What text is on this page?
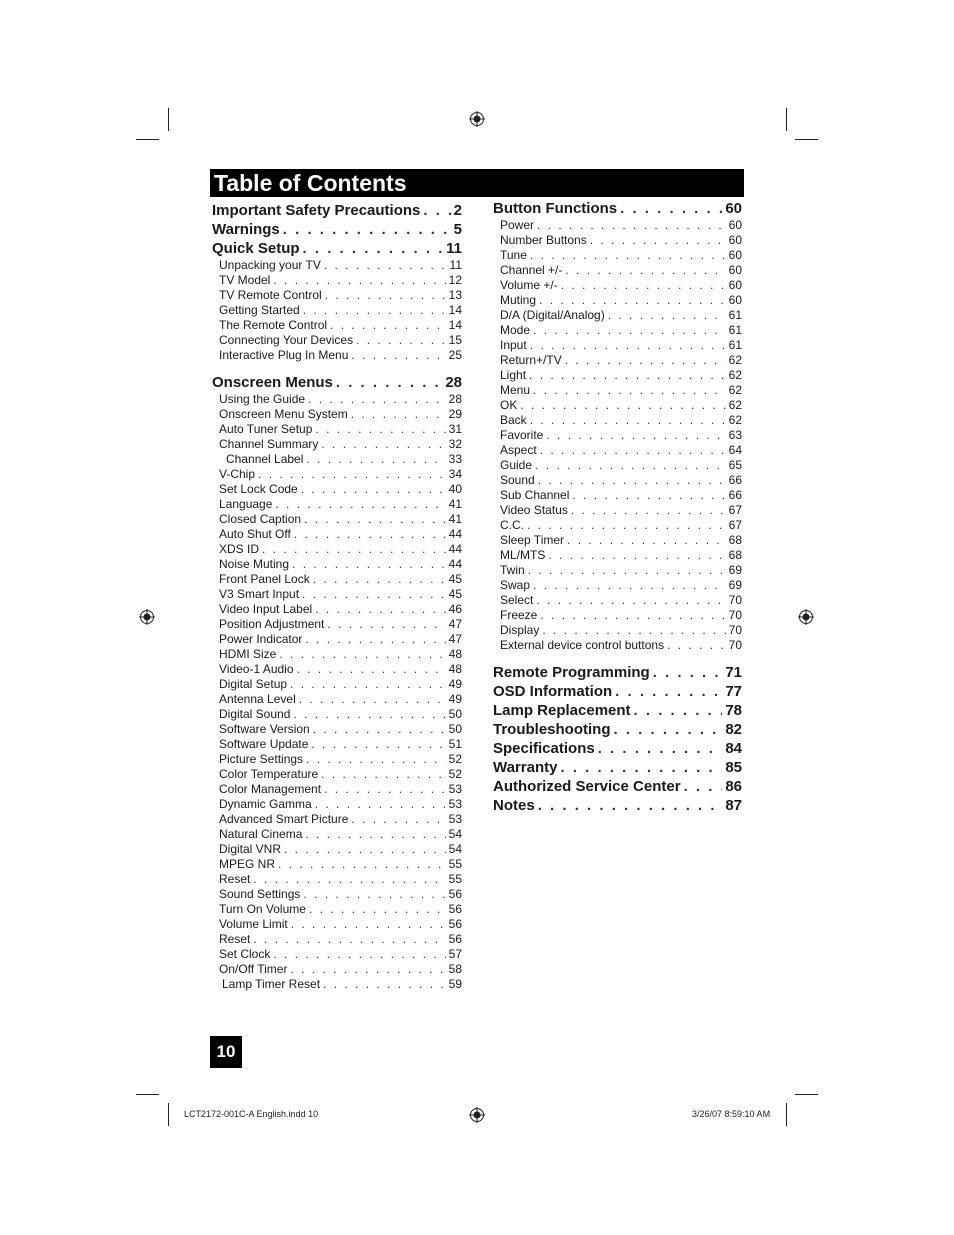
Table of Contents
Important Safety Precautions . . . 2
Warnings . . .	5
Quick Setup . . .	11
Unpacking your TV . . .	11
TV Model . . .	12
TV Remote Control . . .	13
Getting Started . . .	14
The Remote Control . . .	14
Connecting Your Devices . . .	15
Interactive Plug In Menu . . .	25
Onscreen Menus . . .	28
Using the Guide . . .	28
Onscreen Menu System . . .	29
Auto Tuner Setup . . .	31
Channel Summary . . .	32
Channel Label . . .	33
V-Chip . . .	34
Set Lock Code . . .	40
Language . . .	41
Closed Caption . . .	41
Auto Shut Off . . .	44
XDS ID . . .	44
Noise Muting . . .	44
Front Panel Lock . . .	45
V3 Smart Input . . .	45
Video Input Label . . .	46
Position Adjustment . . .	47
Power Indicator . . .	47
HDMI Size . . .	48
Video-1 Audio . . .	48
Digital Setup . . .	49
Antenna Level . . .	49
Digital Sound . . .	50
Software Version . . .	50
Software Update . . .	51
Picture Settings . . .	52
Color Temperature . . .	52
Color Management . . .	53
Dynamic Gamma . . .	53
Advanced Smart Picture . . .	53
Natural Cinema . . .	54
Digital VNR . . .	54
MPEG NR . . .	55
Reset . . .	55
Sound Settings . . .	56
Turn On Volume . . .	56
Volume Limit . . .	56
Reset . . .	56
Set Clock . . .	57
On/Off Timer . . .	58
Lamp Timer Reset . . .	59
Button Functions . . .	60
Power . . .	60
Number Buttons . . .	60
Tune . . .	60
Channel +/- . . .	60
Volume +/- . . .	60
Muting . . .	60
D/A (Digital/Analog) . . .	61
Mode . . .	61
Input . . .	61
Return+/TV . . .	62
Light . . .	62
Menu . . .	62
OK . . .	62
Back . . .	62
Favorite . . .	63
Aspect . . .	64
Guide . . .	65
Sound . . .	66
Sub Channel . . .	66
Video Status . . .	67
C.C. . . .	67
Sleep Timer . . .	68
ML/MTS . . .	68
Twin . . .	69
Swap . . .	69
Select . . .	70
Freeze . . .	70
Display . . .	70
External device control buttons . . .	70
Remote Programming . . .	71
OSD Information . . .	77
Lamp Replacement . . .	78
Troubleshooting . . .	82
Specifications . . .	84
Warranty . . .	85
Authorized Service Center . . .	86
Notes . . .	87
10
LCT2172-001C-A English.indd 10	3/26/07 8:59:10 AM
